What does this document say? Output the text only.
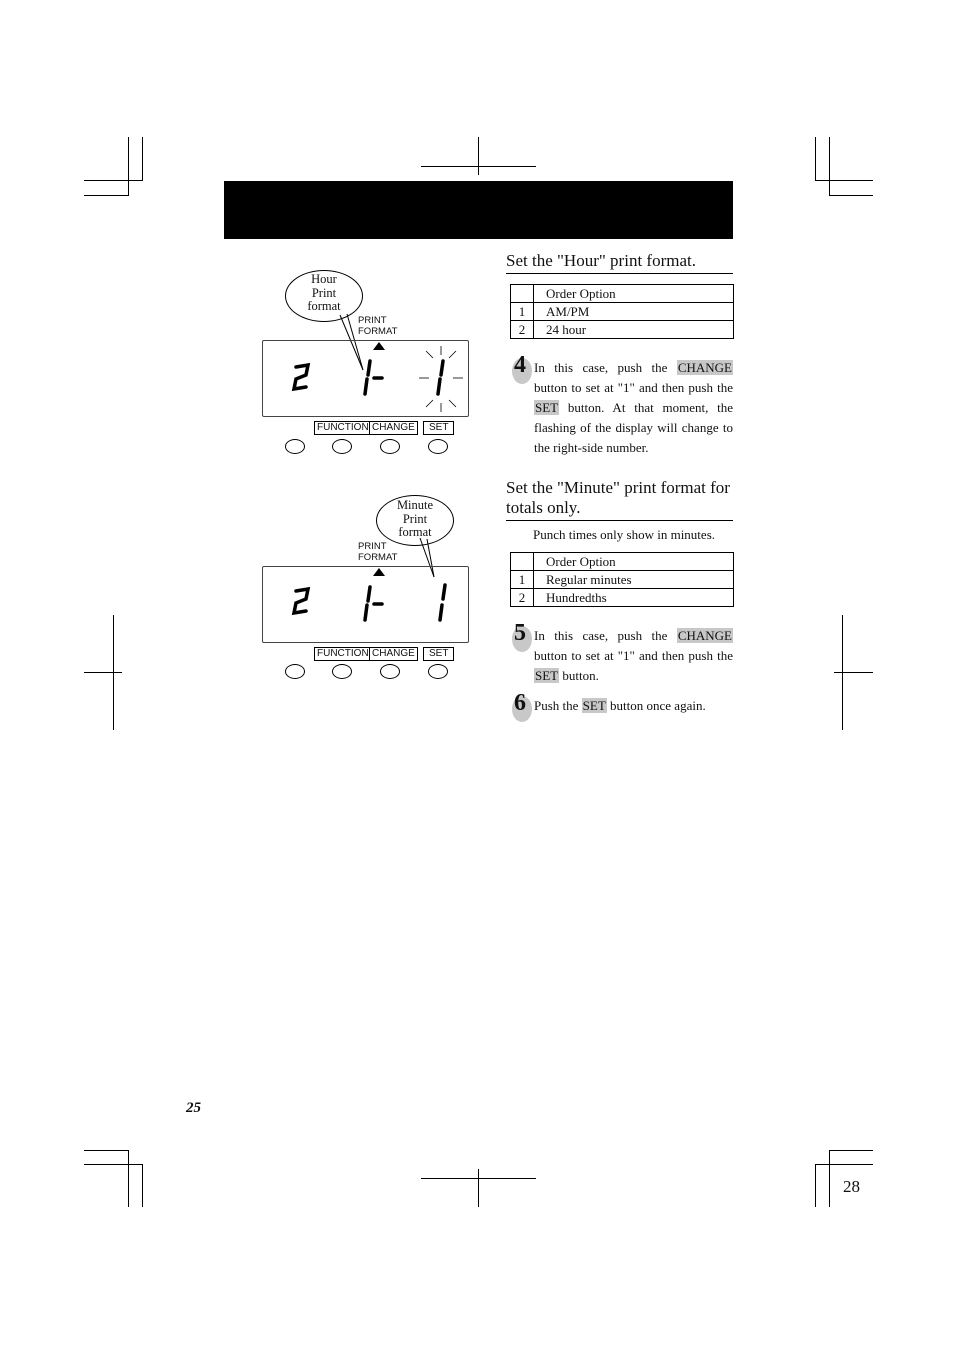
Hour
Print
format
PRINT
FORMAT
FUNCTION CHANGE	SET
Minute
Print
format
PRINT
FORMAT
FUNCTION CHANGE	SET
Set the "Hour" print format.
	Order Option
1	AM/PM
2	24 hour
4 In this case, push the CHANGE button to set at "1" and then push the SET button. At that moment, the flashing of the display will change to the right-side number.
Set the "Minute" print format for totals only.
Punch times only show in minutes.
	Order Option
1	Regular minutes
2	Hundredths
5 In this case, push the CHANGE button to set at "1" and then push the SET button.
6 Push the SET button once again.
25
28
